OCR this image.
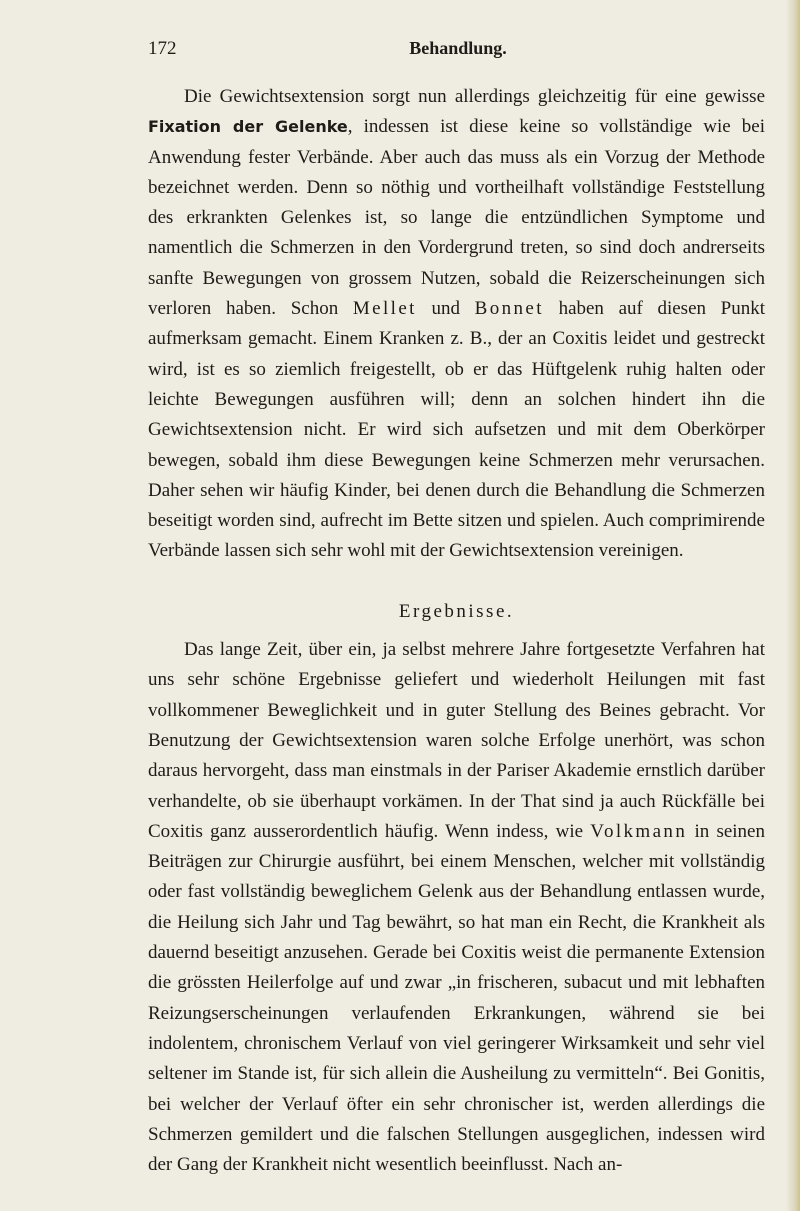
172	Behandlung.

Die Gewichtsextension sorgt nun allerdings gleichzeitig für eine gewisse Fixation der Gelenke, indessen ist diese keine so vollständige wie bei Anwendung fester Verbände. Aber auch das muss als ein Vorzug der Methode bezeichnet werden. Denn so nöthig und vortheilhaft vollständige Feststellung des erkrankten Gelenkes ist, so lange die entzündlichen Symptome und namentlich die Schmerzen in den Vordergrund treten, so sind doch andrerseits sanfte Bewegungen von grossem Nutzen, sobald die Reizerscheinungen sich verloren haben. Schon Mellet und Bonnet haben auf diesen Punkt aufmerksam gemacht. Einem Kranken z. B., der an Coxitis leidet und gestreckt wird, ist es so ziemlich freigestellt, ob er das Hüftgelenk ruhig halten oder leichte Bewegungen ausführen will; denn an solchen hindert ihn die Gewichtsextension nicht. Er wird sich aufsetzen und mit dem Oberkörper bewegen, sobald ihm diese Bewegungen keine Schmerzen mehr verursachen. Daher sehen wir häufig Kinder, bei denen durch die Behandlung die Schmerzen beseitigt worden sind, aufrecht im Bette sitzen und spielen. Auch comprimirende Verbände lassen sich sehr wohl mit der Gewichtsextension vereinigen.

Ergebnisse.

Das lange Zeit, über ein, ja selbst mehrere Jahre fortgesetzte Verfahren hat uns sehr schöne Ergebnisse geliefert und wiederholt Heilungen mit fast vollkommener Beweglichkeit und in guter Stellung des Beines gebracht. Vor Benutzung der Gewichtsextension waren solche Erfolge unerhört, was schon daraus hervorgeht, dass man einstmals in der Pariser Akademie ernstlich darüber verhandelte, ob sie überhaupt vorkämen. In der That sind ja auch Rückfälle bei Coxitis ganz ausserordentlich häufig. Wenn indess, wie Volkmann in seinen Beiträgen zur Chirurgie ausführt, bei einem Menschen, welcher mit vollständig oder fast vollständig beweglichem Gelenk aus der Behandlung entlassen wurde, die Heilung sich Jahr und Tag bewährt, so hat man ein Recht, die Krankheit als dauernd beseitigt anzusehen. Gerade bei Coxitis weist die permanente Extension die grössten Heilerfolge auf und zwar „in frischeren, subacut und mit lebhaften Reizungserscheinungen verlaufenden Erkrankungen, während sie bei indolentem, chronischem Verlauf von viel geringerer Wirksamkeit und sehr viel seltener im Stande ist, für sich allein die Ausheilung zu vermitteln“. Bei Gonitis, bei welcher der Verlauf öfter ein sehr chronischer ist, werden allerdings die Schmerzen gemildert und die falschen Stellungen ausgeglichen, indessen wird der Gang der Krankheit nicht wesentlich beeinflusst. Nach an-
